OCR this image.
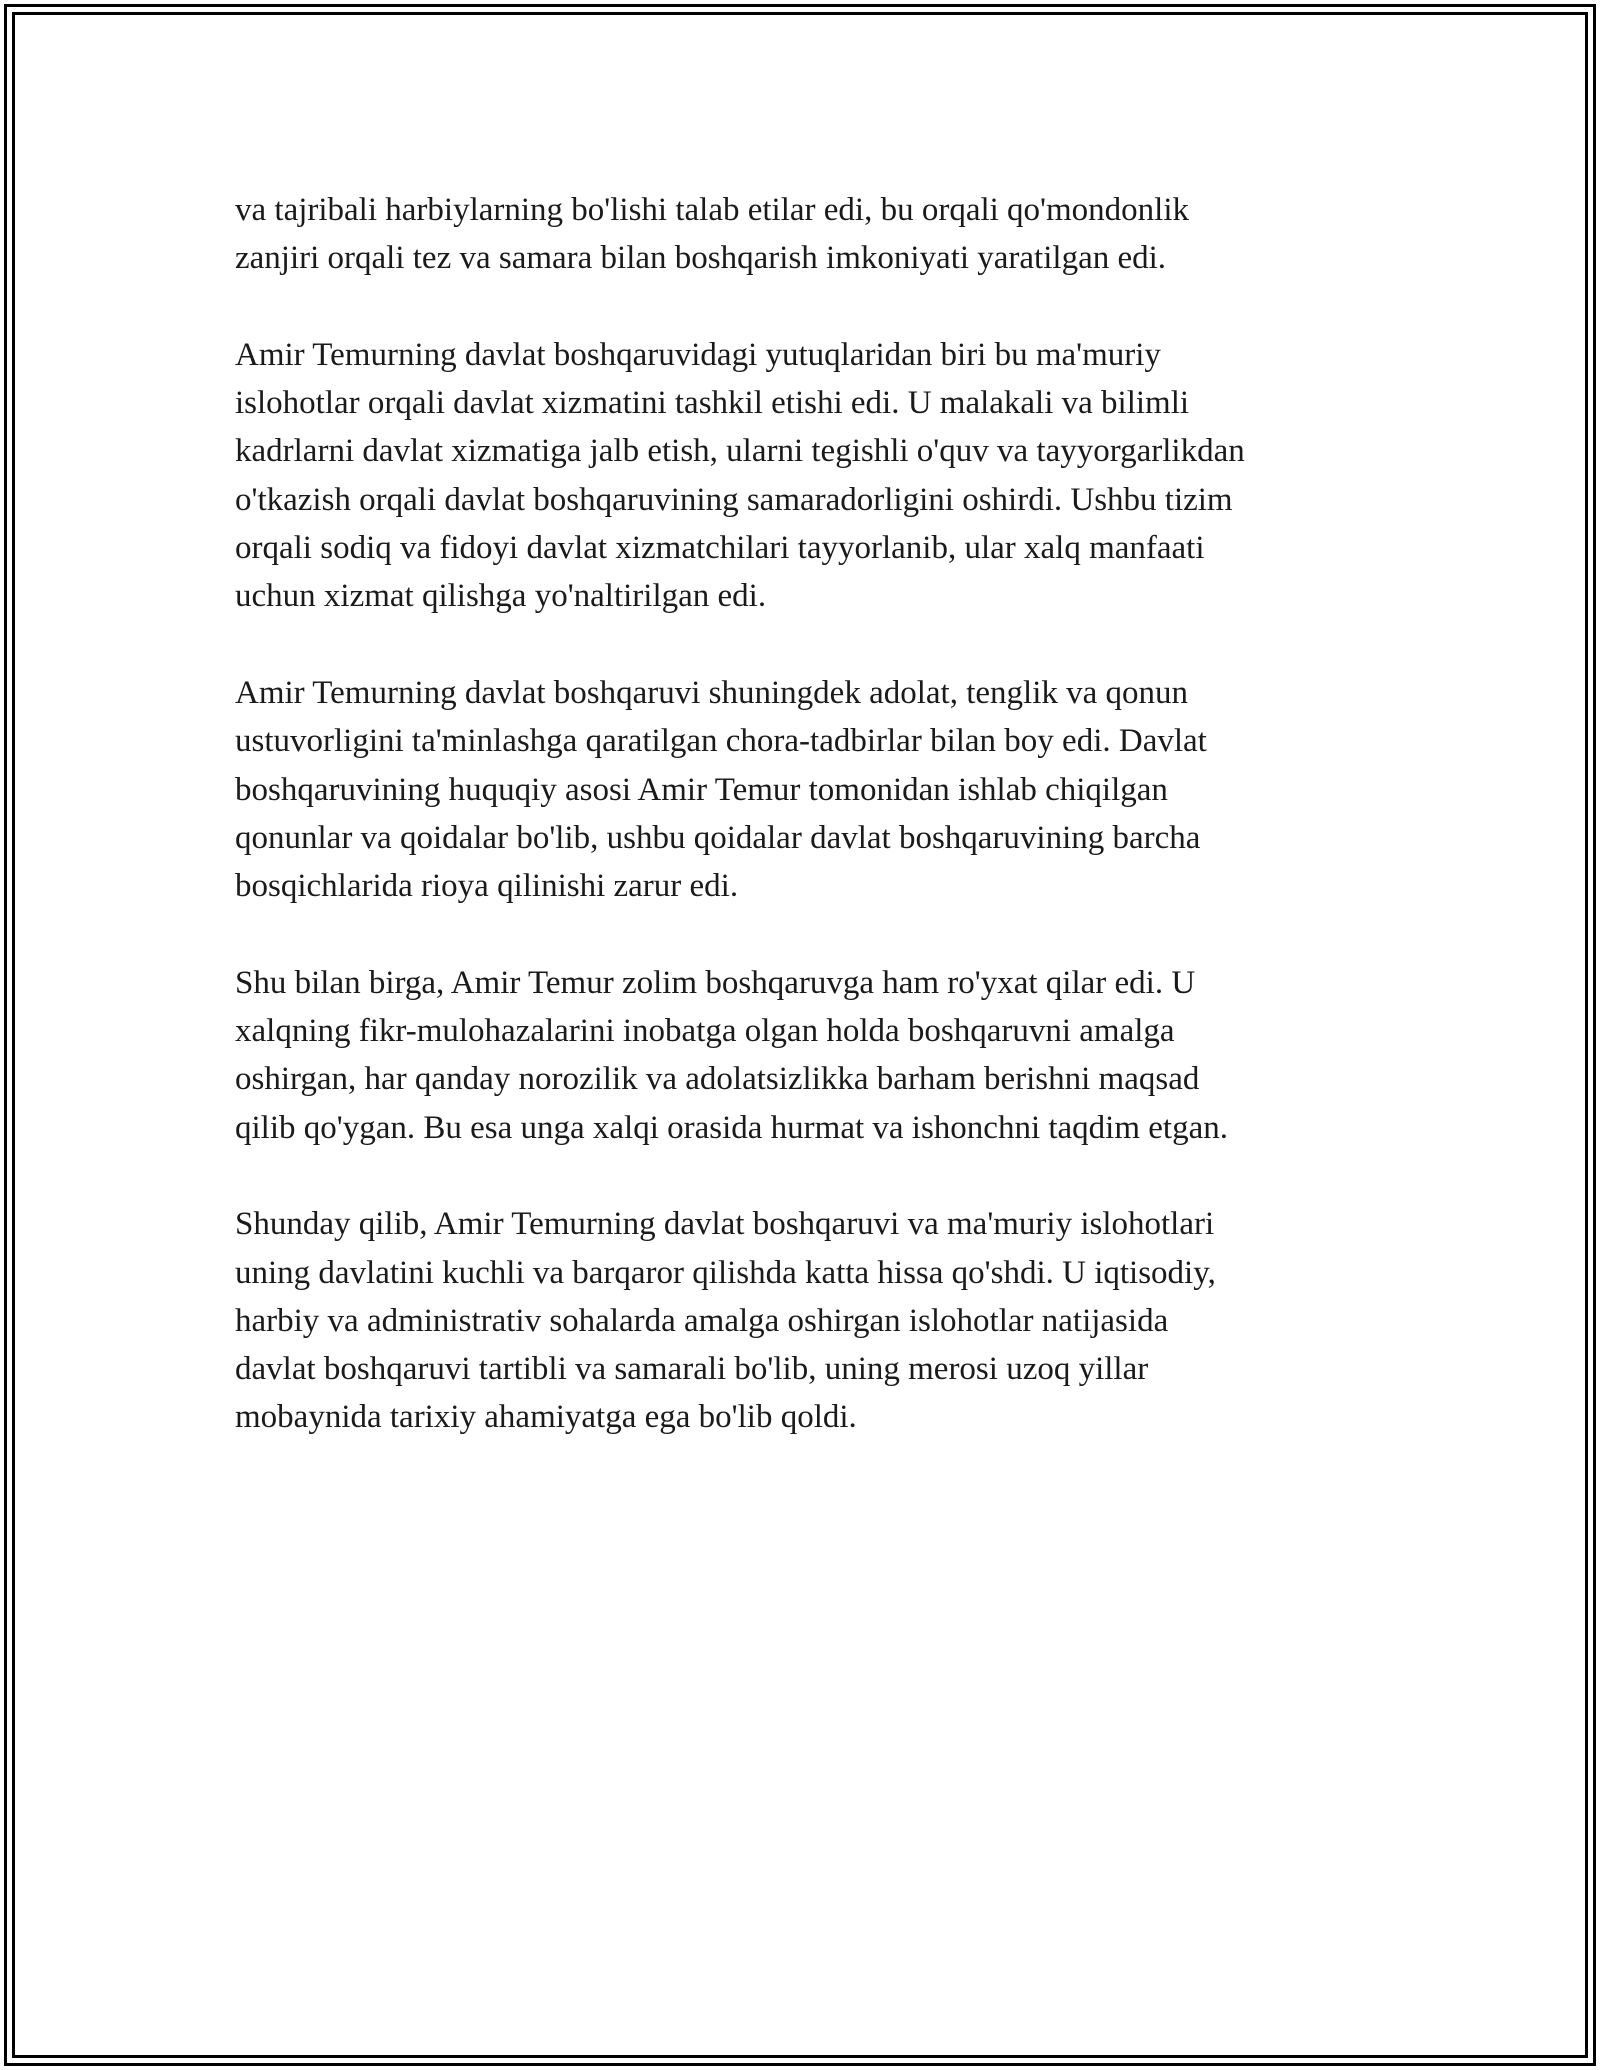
va tajribali harbiylarning bo'lishi talab etilar edi, bu orqali qo'mondonlik
zanjiri orqali tez va samara bilan boshqarish imkoniyati yaratilgan edi.

Amir Temurning davlat boshqaruvidagi yutuqlaridan biri bu ma'muriy
islohotlar orqali davlat xizmatini tashkil etishi edi. U malakali va bilimli
kadrlarni davlat xizmatiga jalb etish, ularni tegishli o'quv va tayyorgarlikdan
o'tkazish orqali davlat boshqaruvining samaradorligini oshirdi. Ushbu tizim
orqali sodiq va fidoyi davlat xizmatchilari tayyorlanib, ular xalq manfaati
uchun xizmat qilishga yo'naltirilgan edi.

Amir Temurning davlat boshqaruvi shuningdek adolat, tenglik va qonun
ustuvorligini ta'minlashga qaratilgan chora-tadbirlar bilan boy edi. Davlat
boshqaruvining huquqiy asosi Amir Temur tomonidan ishlab chiqilgan
qonunlar va qoidalar bo'lib, ushbu qoidalar davlat boshqaruvining barcha
bosqichlarida rioya qilinishi zarur edi.

Shu bilan birga, Amir Temur zolim boshqaruvga ham ro'yxat qilar edi. U
xalqning fikr-mulohazalarini inobatga olgan holda boshqaruvni amalga
oshirgan, har qanday norozilik va adolatsizlikka barham berishni maqsad
qilib qo'ygan. Bu esa unga xalqi orasida hurmat va ishonchni taqdim etgan.

Shunday qilib, Amir Temurning davlat boshqaruvi va ma'muriy islohotlari
uning davlatini kuchli va barqaror qilishda katta hissa qo'shdi. U iqtisodiy,
harbiy va administrativ sohalarda amalga oshirgan islohotlar natijasida
davlat boshqaruvi tartibli va samarali bo'lib, uning merosi uzoq yillar
mobaynida tarixiy ahamiyatga ega bo'lib qoldi.
